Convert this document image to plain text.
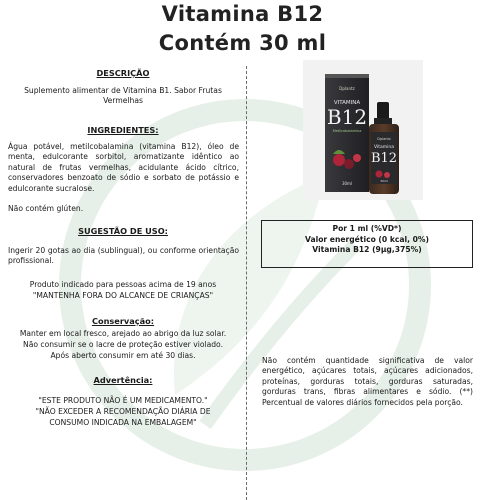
Vitamina B12
Contém 30 ml
DESCRIÇÃO
Suplemento alimentar de Vitamina B1. Sabor Frutas Vermelhas
INGREDIENTES:
Água potável, metilcobalamina (vitamina B12), óleo de menta, edulcorante sorbitol, aromatizante idêntico ao natural de frutas vermelhas, acidulante ácido cítrico, conservadores benzoato de sódio e sorbato de potássio e edulcorante sucralose.
Não contém glúten.
SUGESTÃO DE USO:
Ingerir 20 gotas ao dia (sublingual), ou conforme orientação profissional.
Produto indicado para pessoas acima de 19 anos
"MANTENHA FORA DO ALCANCE DE CRIANÇAS"
Conservação:
Manter em local fresco, arejado ao abrigo da luz solar.
Não consumir se o lacre de proteção estiver violado.
Após aberto consumir em até 30 dias.
Advertência:
"ESTE PRODUTO NÃO É UM MEDICAMENTO."
"NÃO EXCEDER A RECOMENDAÇÃO DIÁRIA DE
CONSUMO INDICADA NA EMBALAGEM"
Dplantz
VITAMINA
B12
Metilcobalamina
30ml
Dplantz
Vitamina
B12
30ml
Por 1 ml (%VD*)
Valor energético (0 kcal, 0%)
Vitamina B12 (9µg,375%)
Não contém quantidade significativa de valor energético, açúcares totais, açúcares adicionados, proteínas, gorduras totais, gorduras saturadas, gorduras trans, fibras alimentares e sódio. (**) Percentual de valores diários fornecidos pela porção.
